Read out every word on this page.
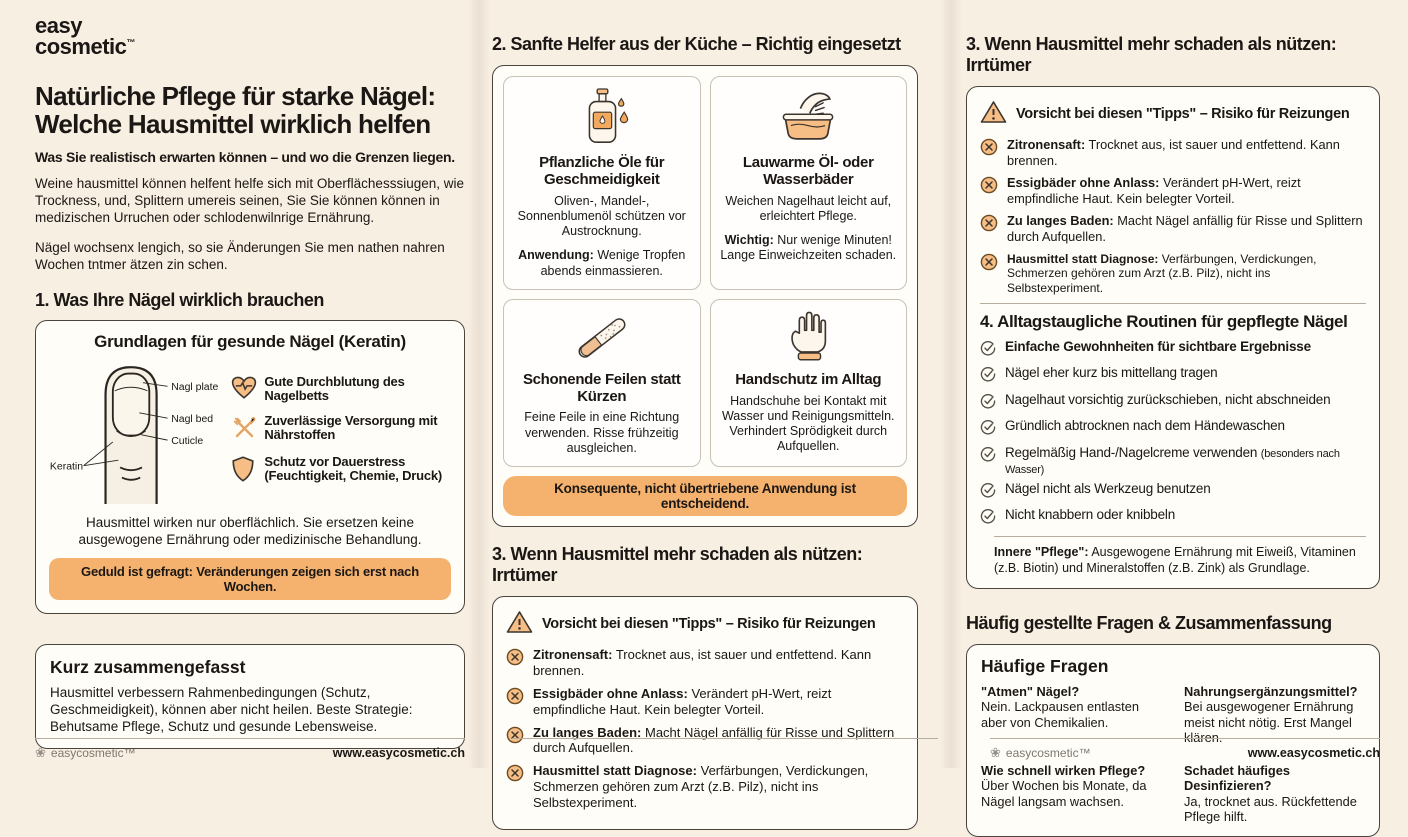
easy
cosmetic™
Natürliche Pflege für starke Nägel:
Welche Hausmittel wirklich helfen
Was Sie realistisch erwarten können – und wo die Grenzen liegen.

Weine hausmittel können helfent helfe sich mit Oberflächesssiugen, wie Trockness, und, Splittern umereis seinen, Sie Sie können können in medizischen Urruchen oder schlodenwilnrige Ernährung.

Nägel wochsenx lengich, so sie Änderungen Sie men nathen nahren Wochen tntmer ätzen zin schen.

1. Was Ihre Nägel wirklich brauchen
Grundlagen für gesunde Nägel (Keratin)
Nagl plate
Nagl bed
Cuticle
Keratin
Gute Durchblutung des Nagelbetts
Zuverlässige Versorgung mit Nährstoffen
Schutz vor Dauerstress (Feuchtigkeit, Chemie, Druck)
Hausmittel wirken nur oberflächlich. Sie ersetzen keine ausgewogene Ernährung oder medizinische Behandlung.
Geduld ist gefragt: Veränderungen zeigen sich erst nach Wochen.
Kurz zusammengefasst

Hausmittel verbessern Rahmenbedingungen (Schutz, Geschmeidigkeit), können aber nicht heilen. Beste Strategie: Behutsame Pflege, Schutz und gesunde Lebensweise.

2. Sanfte Helfer aus der Küche – Richtig eingesetzt
Pflanzliche Öle für Geschmeidigkeit
Oliven-, Mandel-, Sonnenblumenöl schützen vor Austrocknung.
Anwendung: Wenige Tropfen abends einmassieren.
Lauwarme Öl- oder Wasserbäder
Weichen Nagelhaut leicht auf, erleichtert Pflege.
Wichtig: Nur wenige Minuten! Lange Einweichzeiten schaden.
Schonende Feilen statt Kürzen
Feine Feile in eine Richtung verwenden. Risse frühzeitig ausgleichen.
Handschutz im Alltag
Handschuhe bei Kontakt mit Wasser und Reinigungsmitteln. Verhindert Sprödigkeit durch Aufquellen.
Konsequente, nicht übertriebene Anwendung ist entscheidend.
3. Wenn Hausmittel mehr schaden als nützen: Irrtümer
Vorsicht bei diesen "Tipps" – Risiko für Reizungen
Zitronensaft: Trocknet aus, ist sauer und entfettend. Kann brennen.
Essigbäder ohne Anlass: Verändert pH-Wert, reizt empfindliche Haut. Kein belegter Vorteil.
Zu langes Baden: Macht Nägel anfällig für Risse und Splittern durch Aufquellen.
Hausmittel statt Diagnose: Verfärbungen, Verdickungen, Schmerzen gehören zum Arzt (z.B. Pilz), nicht ins Selbstexperiment.
3. Wenn Hausmittel mehr schaden als nützen: Irrtümer
Vorsicht bei diesen "Tipps" – Risiko für Reizungen
Zitronensaft: Trocknet aus, ist sauer und entfettend. Kann brennen.
Essigbäder ohne Anlass: Verändert pH-Wert, reizt empfindliche Haut. Kein belegter Vorteil.
Zu langes Baden: Macht Nägel anfällig für Risse und Splittern durch Aufquellen.
Hausmittel statt Diagnose: Verfärbungen, Verdickungen, Schmerzen gehören zum Arzt (z.B. Pilz), nicht ins Selbstexperiment.
4. Alltagstaugliche Routinen für gepflegte Nägel
Einfache Gewohnheiten für sichtbare Ergebnisse
Nägel eher kurz bis mittellang tragen
Nagelhaut vorsichtig zurückschieben, nicht abschneiden
Gründlich abtrocknen nach dem Händewaschen
Regelmäßig Hand-/Nagelcreme verwenden (besonders nach Wasser)
Nägel nicht als Werkzeug benutzen
Nicht knabbern oder knibbeln

Innere "Pflege": Ausgewogene Ernährung mit Eiweiß, Vitaminen (z.B. Biotin) und Mineralstoffen (z.B. Zink) als Grundlage.

Häufig gestellte Fragen & Zusammenfassung
Häufige Fragen
"Atmen" Nägel?
Nein. Lackpausen entlasten aber von Chemikalien.
Nahrungsergänzungsmittel?
Bei ausgewogener Ernährung meist nicht nötig. Erst Mangel klären.
Wie schnell wirken Pflege?
Über Wochen bis Monate, da Nägel langsam wachsen.
Schadet häufiges Desinfizieren?
Ja, trocknet aus. Rückfettende Pflege hilft.
❀ easycosmetic™	www.easycosmetic.ch	❀ easycosmetic™	www.easycosmetic.ch
